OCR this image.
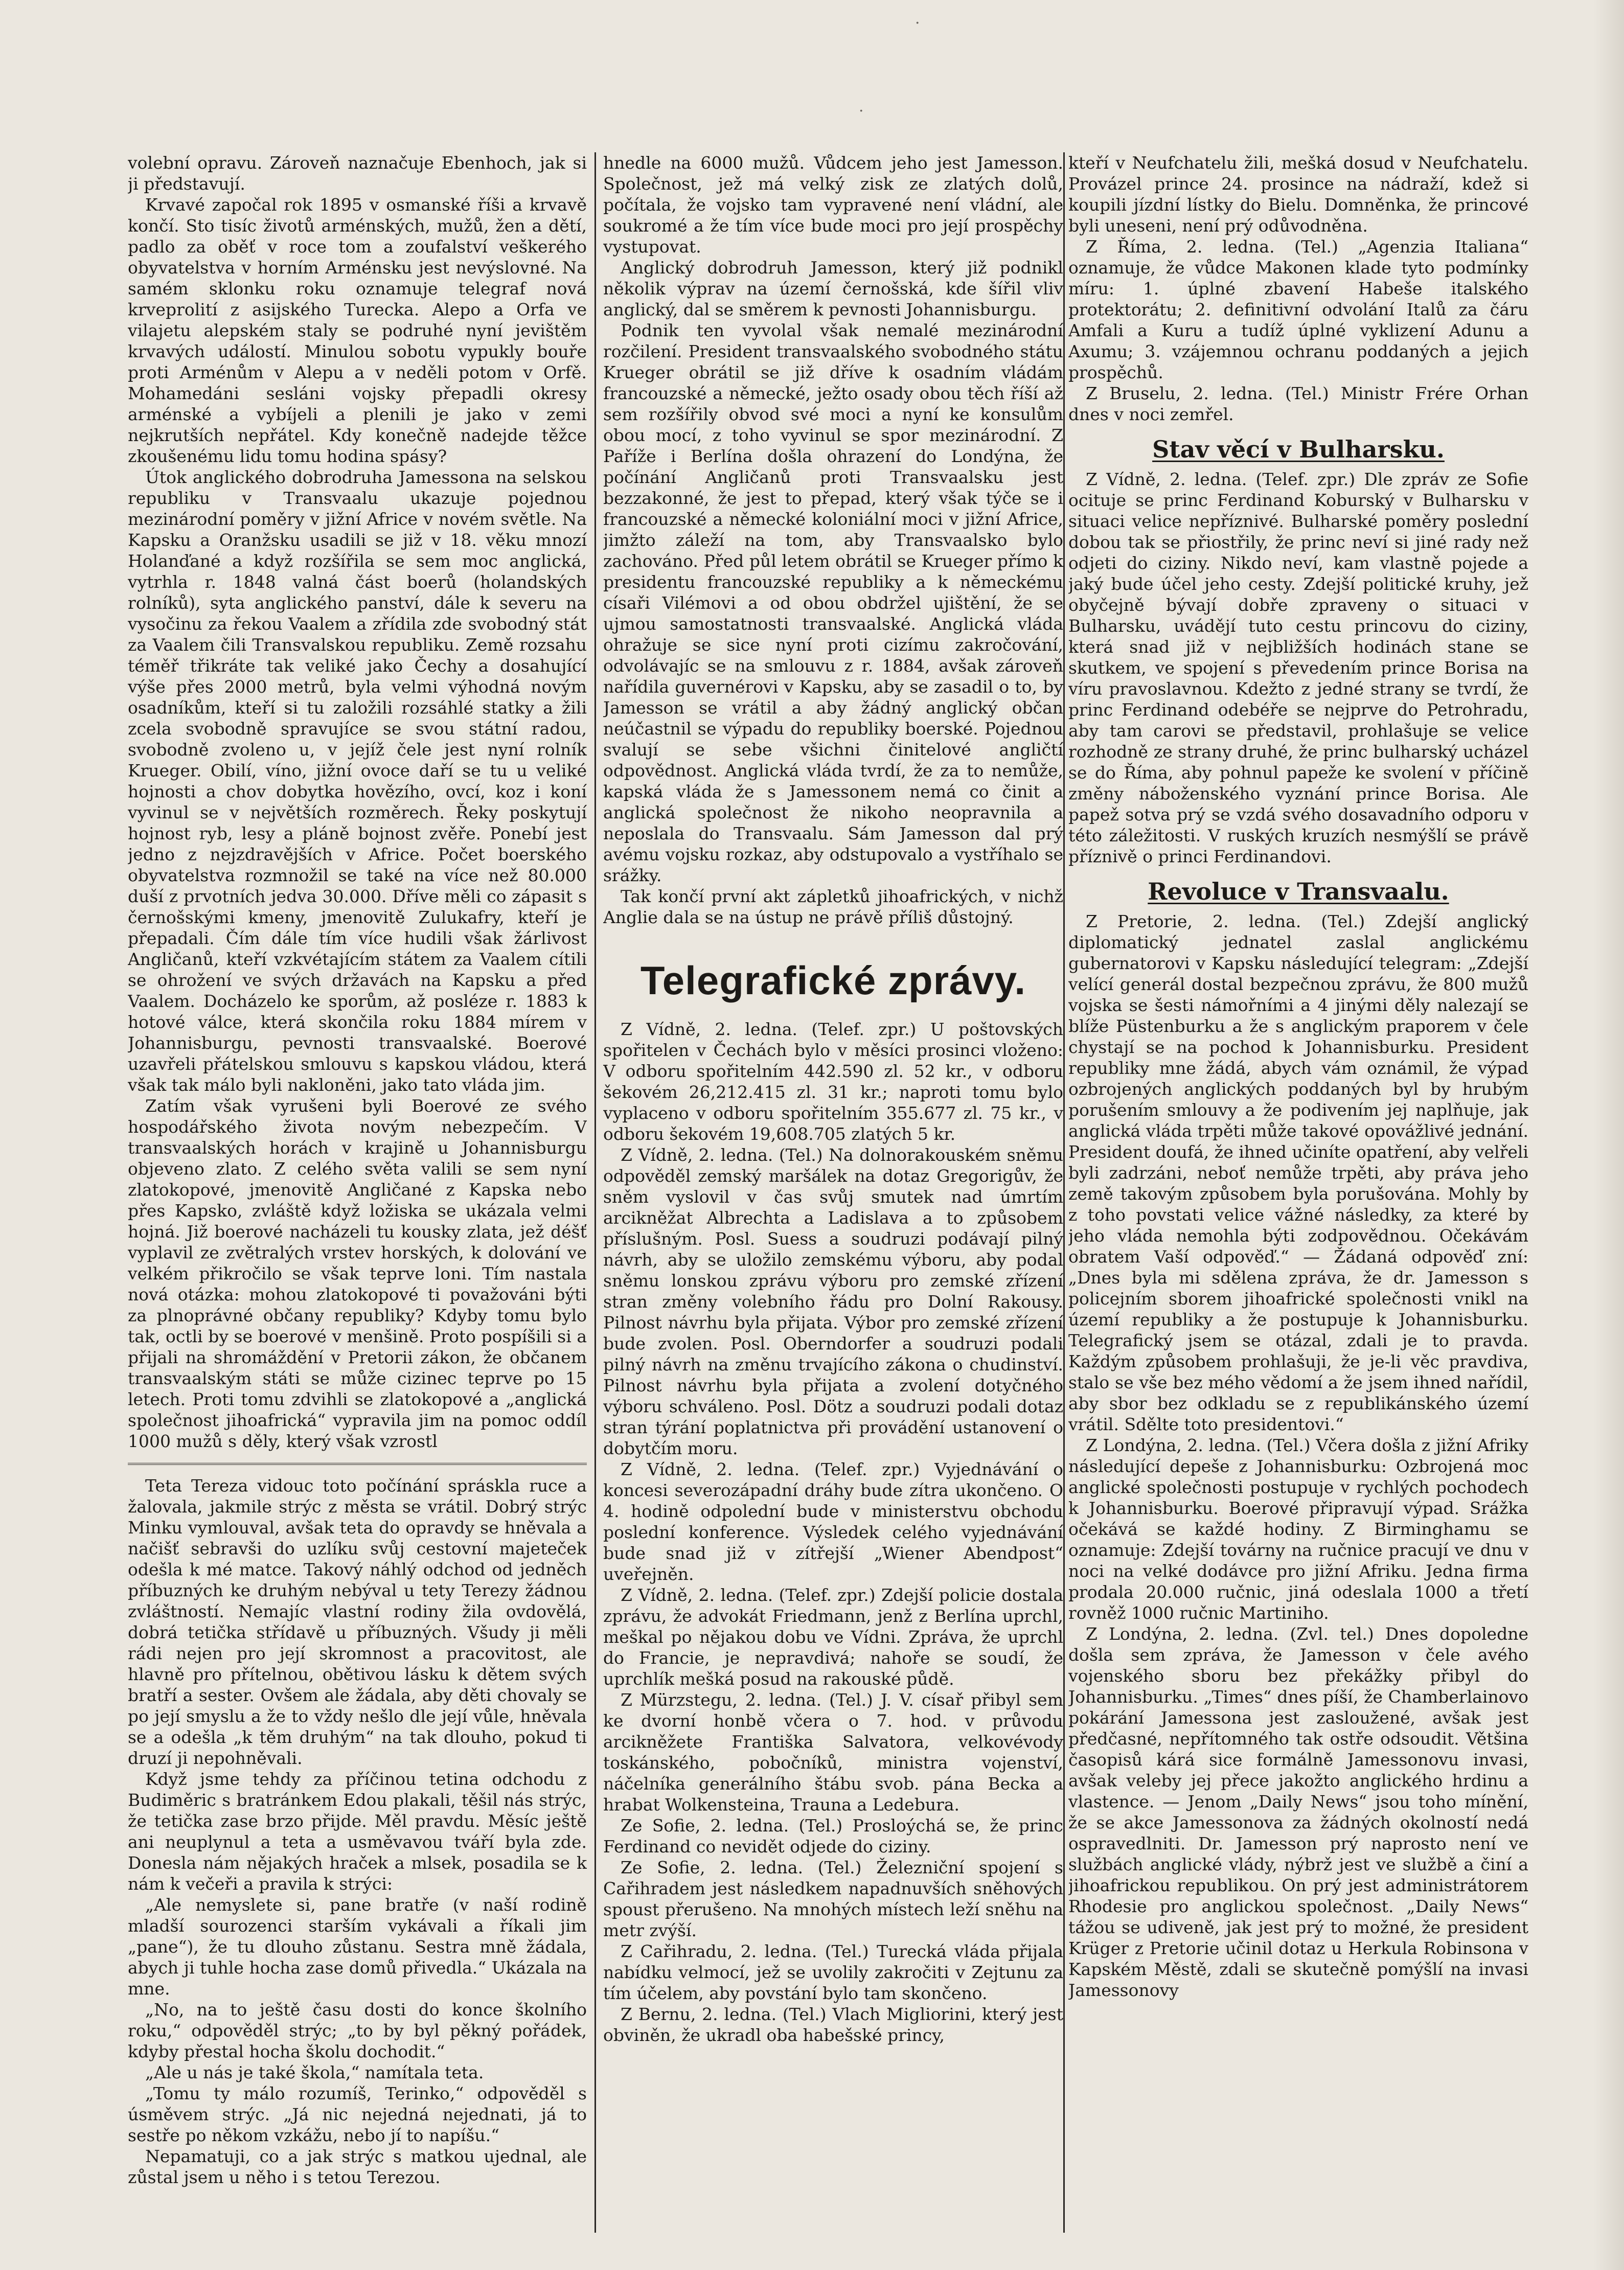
·
·

volební opravu. Zároveň naznačuje Ebenhoch, jak si ji představují.

Krvavé započal rok 1895 v osmanské říši a krvavě končí. Sto tisíc životů arménských, mužů, žen a dětí, padlo za oběť v roce tom a zoufalství veškerého obyvatelstva v horním Arménsku jest nevýslovné. Na samém sklonku roku oznamuje telegraf nová krveprolití z asijského Turecka. Alepo a Orfa ve vilajetu alepském staly se podruhé nyní jevištěm krvavých událostí. Minulou sobotu vypukly bouře proti Arménům v Alepu a v neděli potom v Orfě. Mohamedáni sesláni vojsky přepadli okresy arménské a vybíjeli a plenili je jako v zemi nejkrutších nepřátel. Kdy konečně nadejde těžce zkoušenému lidu tomu hodina spásy?

Útok anglického dobrodruha Jamessona na selskou republiku v Transvaalu ukazuje pojednou mezinárodní poměry v jižní Africe v novém světle. Na Kapsku a Oranžsku usadili se již v 18. věku mnozí Holanďané a když rozšířila se sem moc anglická, vytrhla r. 1848 valná část boerů (holandských rolníků), syta anglického panství, dále k severu na vysočinu za řekou Vaalem a zřídila zde svobodný stát za Vaalem čili Transvalskou republiku. Země rozsahu téměř třikráte tak veliké jako Čechy a dosahující výše přes 2000 metrů, byla velmi výhodná novým osadníkům, kteří si tu založili rozsáhlé statky a žili zcela svobodně spravujíce se svou státní radou, svobodně zvoleno u, v jejíž čele jest nyní rolník Krueger. Obilí, víno, jižní ovoce daří se tu u veliké hojnosti a chov dobytka hovězího, ovcí, koz i koní vyvinul se v největších rozměrech. Řeky poskytují hojnost ryb, lesy a pláně bojnost zvěře. Ponebí jest jedno z nejzdravějších v Africe. Počet boerského obyvatelstva rozmnožil se také na více než 80.000 duší z prvotních jedva 30.000. Dříve měli co zápasit s černošskými kmeny, jmenovitě Zulukafry, kteří je přepadali. Čím dále tím více hudili však žárlivost Angličanů, kteří vzkvétajícím státem za Vaalem cítili se ohrožení ve svých državách na Kapsku a před Vaalem. Docházelo ke sporům, až posléze r. 1883 k hotové válce, která skončila roku 1884 mírem v Johannisburgu, pevnosti transvaalské. Boerové uzavřeli přátelskou smlouvu s kapskou vládou, která však tak málo byli nakloněni, jako tato vláda jim.

Zatím však vyrušeni byli Boerové ze svého hospodářského života novým nebezpečím. V transvaalských horách v krajině u Johannisburgu objeveno zlato. Z celého světa valili se sem nyní zlatokopové, jmenovitě Angličané z Kapska nebo přes Kapsko, zvláště když ložiska se ukázala velmi hojná. Již boerové nacházeli tu kousky zlata, jež déšť vyplavil ze zvětralých vrstev horských, k dolování ve velkém přikročilo se však teprve loni. Tím nastala nová otázka: mohou zlatokopové ti považováni býti za plnoprávné občany republiky? Kdyby tomu bylo tak, octli by se boerové v menšině. Proto pospíšili si a přijali na shromáždění v Pretorii zákon, že občanem transvaalským státi se může cizinec teprve po 15 letech. Proti tomu zdvihli se zlatokopové a „anglická společnost jihoafrická“ vypravila jim na pomoc oddíl 1000 mužů s děly, který však vzrostl

Teta Tereza vidouc toto počínání spráskla ruce a žalovala, jakmile strýc z města se vrátil. Dobrý strýc Minku vymlouval, avšak teta do opravdy se hněvala a načišť sebravši do uzlíku svůj cestovní majeteček odešla k mé matce. Takový náhlý odchod od jedněch příbuzných ke druhým nebýval u tety Terezy žádnou zvláštností. Nemajíc vlastní rodiny žila ovdovělá, dobrá tetička střídavě u příbuzných. Všudy ji měli rádi nejen pro její skromnost a pracovitost, ale hlavně pro přítelnou, obětivou lásku k dětem svých bratří a sester. Ovšem ale žádala, aby děti chovaly se po její smyslu a že to vždy nešlo dle její vůle, hněvala se a odešla „k těm druhým“ na tak dlouho, pokud ti druzí ji nepohněvali.

Když jsme tehdy za příčinou tetina odchodu z Budiměric s bratránkem Edou plakali, těšil nás strýc, že tetička zase brzo přijde. Měl pravdu. Měsíc ještě ani neuplynul a teta a usměvavou tváří byla zde. Donesla nám nějakých hraček a mlsek, posadila se k nám k večeři a pravila k strýci:

„Ale nemyslete si, pane bratře (v naší rodině mladší sourozenci starším vykávali a říkali jim „pane“), že tu dlouho zůstanu. Sestra mně žádala, abych ji tuhle hocha zase domů přivedla.“ Ukázala na mne.

„No, na to ještě času dosti do konce školního roku,“ odpověděl strýc; „to by byl pěkný pořádek, kdyby přestal hocha školu dochodit.“

„Ale u nás je také škola,“ namítala teta.

„Tomu ty málo rozumíš, Terinko,“ odpověděl s úsměvem strýc. „Já nic nejedná nejednati, já to sestře po někom vzkážu, nebo jí to napíšu.“

Nepamatuji, co a jak strýc s matkou ujednal, ale zůstal jsem u něho i s tetou Terezou.

hnedle na 6000 mužů. Vůdcem jeho jest Jamesson. Společnost, jež má velký zisk ze zlatých dolů, počítala, že vojsko tam vypravené není vládní, ale soukromé a že tím více bude moci pro její prospěchy vystupovat.

Anglický dobrodruh Jamesson, který již podnikl několik výprav na území černošská, kde šířil vliv anglický, dal se směrem k pevnosti Johannisburgu.

Podnik ten vyvolal však nemalé mezinárodní rozčilení. President transvaalského svobodného státu Krueger obrátil se již dříve k osadním vládám francouzské a německé, ježto osady obou těch říší až sem rozšířily obvod své moci a nyní ke konsulům obou mocí, z toho vyvinul se spor mezinárodní. Z Paříže i Berlína došla ohrazení do Londýna, že počínání Angličanů proti Transvaalsku jest bezzakonné, že jest to přepad, který však týče se i francouzské a německé koloniální moci v jižní Africe, jimžto záleží na tom, aby Transvaalsko bylo zachováno. Před půl letem obrátil se Krueger přímo k presidentu francouzské republiky a k německému císaři Vilémovi a od obou obdržel ujištění, že se ujmou samostatnosti transvaalské. Anglická vláda ohražuje se sice nyní proti cizímu zakročování, odvolávajíc se na smlouvu z r. 1884, avšak zároveň nařídila guvernérovi v Kapsku, aby se zasadil o to, by Jamesson se vrátil a aby žádný anglický občan neúčastnil se výpadu do republiky boerské. Pojednou svalují se sebe všichni činitelové angličtí odpovědnost. Anglická vláda tvrdí, že za to nemůže, kapská vláda že s Jamessonem nemá co činit a anglická společnost že nikoho neopravnila a neposlala do Transvaalu. Sám Jamesson dal prý avému vojsku rozkaz, aby odstupovalo a vystříhalo se srážky.

Tak končí první akt zápletků jihoafrických, v nichž Anglie dala se na ústup ne právě příliš důstojný.

Telegrafické zprávy.

Z Vídně, 2. ledna. (Telef. zpr.) U poštovských spořitelen v Čechách bylo v měsíci prosinci vloženo: V odboru spořitelním 442.590 zl. 52 kr., v odboru šekovém 26,212.415 zl. 31 kr.; naproti tomu bylo vyplaceno v odboru spořitelním 355.677 zl. 75 kr., v odboru šekovém 19,608.705 zlatých 5 kr.

Z Vídně, 2. ledna. (Tel.) Na dolnorakouském sněmu odpověděl zemský maršálek na dotaz Gregorigův, že sněm vyslovil v čas svůj smutek nad úmrtím arcikněžat Albrechta a Ladislava a to způsobem příslušným. Posl. Suess a soudruzi podávají pilný návrh, aby se uložilo zemskému výboru, aby podal sněmu lonskou zprávu výboru pro zemské zřízení stran změny volebního řádu pro Dolní Rakousy. Pilnost návrhu byla přijata. Výbor pro zemské zřízení bude zvolen. Posl. Oberndorfer a soudruzi podali pilný návrh na změnu trvajícího zákona o chudinství. Pilnost návrhu byla přijata a zvolení dotyčného výboru schváleno. Posl. Dötz a soudruzi podali dotaz stran týrání poplatnictva při provádění ustanovení o dobytčím moru.

Z Vídně, 2. ledna. (Telef. zpr.) Vyjednávání o koncesi severozápadní dráhy bude zítra ukončeno. O 4. hodině odpolední bude v ministerstvu obchodu poslední konference. Výsledek celého vyjednávání bude snad již v zítřejší „Wiener Abendpost“ uveřejněn.

Z Vídně, 2. ledna. (Telef. zpr.) Zdejší policie dostala zprávu, že advokát Friedmann, jenž z Berlína uprchl, meškal po nějakou dobu ve Vídni. Zpráva, že uprchl do Francie, je nepravdivá; nahoře se soudí, že uprchlík mešká posud na rakouské půdě.

Z Mürzstegu, 2. ledna. (Tel.) J. V. císař přibyl sem ke dvorní honbě včera o 7. hod. v průvodu arcikněžete Františka Salvatora, velkovévody toskánského, pobočníků, ministra vojenství, náčelníka generálního štábu svob. pána Becka a hrabat Wolkensteina, Trauna a Ledebura.

Ze Sofie, 2. ledna. (Tel.) Prosloýchá se, že princ Ferdinand co nevidět odjede do ciziny.

Ze Sofie, 2. ledna. (Tel.) Železniční spojení s Cařihradem jest následkem napadnuvších sněhových spoust přerušeno. Na mnohých místech leží sněhu na metr zvýší.

Z Cařihradu, 2. ledna. (Tel.) Turecká vláda přijala nabídku velmocí, jež se uvolily zakročiti v Zejtunu za tím účelem, aby povstání bylo tam skončeno.

Z Bernu, 2. ledna. (Tel.) Vlach Migliorini, který jest obviněn, že ukradl oba habešské princy,

kteří v Neufchatelu žili, mešká dosud v Neufchatelu. Provázel prince 24. prosince na nádraží, kdež si koupili jízdní lístky do Bielu. Domněnka, že princové byli uneseni, není prý odůvodněna.

Z Říma, 2. ledna. (Tel.) „Agenzia Italiana“ oznamuje, že vůdce Makonen klade tyto podmínky míru: 1. úplné zbavení Habeše italského protektorátu; 2. definitivní odvolání Italů za čáru Amfali a Kuru a tudíž úplné vyklizení Adunu a Axumu; 3. vzájemnou ochranu poddaných a jejich prospěchů.

Z Bruselu, 2. ledna. (Tel.) Ministr Frére Orhan dnes v noci zemřel.

Stav věcí v Bulharsku.

Z Vídně, 2. ledna. (Telef. zpr.) Dle zpráv ze Sofie ocituje se princ Ferdinand Koburský v Bulharsku v situaci velice nepříznivé. Bulharské poměry poslední dobou tak se přiostřily, že princ neví si jiné rady než odjeti do ciziny. Nikdo neví, kam vlastně pojede a jaký bude účel jeho cesty. Zdejší politické kruhy, jež obyčejně bývají dobře zpraveny o situaci v Bulharsku, uvádějí tuto cestu princovu do ciziny, která snad již v nejbližších hodinách stane se skutkem, ve spojení s převedením prince Borisa na víru pravoslavnou. Kdežto z jedné strany se tvrdí, že princ Ferdinand odebéře se nejprve do Petrohradu, aby tam carovi se představil, prohlašuje se velice rozhodně ze strany druhé, že princ bulharský ucházel se do Říma, aby pohnul papeže ke svolení v příčině změny náboženského vyznání prince Borisa. Ale papež sotva prý se vzdá svého dosavadního odporu v této záležitosti. V ruských kruzích nesmýšlí se právě příznivě o princi Ferdinandovi.

Revoluce v Transvaalu.

Z Pretorie, 2. ledna. (Tel.) Zdejší anglický diplomatický jednatel zaslal anglickému gubernatorovi v Kapsku následující telegram: „Zdejší velící generál dostal bezpečnou zprávu, že 800 mužů vojska se šesti námořními a 4 jinými děly nalezají se blíže Püstenburku a že s anglickým praporem v čele chystají se na pochod k Johannisburku. President republiky mne žádá, abych vám oznámil, že výpad ozbrojených anglických poddaných byl by hrubým porušením smlouvy a že podivením jej naplňuje, jak anglická vláda trpěti může takové opovážlivé jednání. President doufá, že ihned učiníte opatření, aby velřeli byli zadrzáni, neboť nemůže trpěti, aby práva jeho země takovým způsobem byla porušována. Mohly by z toho povstati velice vážné následky, za které by jeho vláda nemohla býti zodpovědnou. Očekávám obratem Vaší odpověď.“ — Žádaná odpověď zní: „Dnes byla mi sdělena zpráva, že dr. Jamesson s policejním sborem jihoafrické společnosti vnikl na území republiky a že postupuje k Johannisburku. Telegrafický jsem se otázal, zdali je to pravda. Každým způsobem prohlašuji, že je-li věc pravdiva, stalo se vše bez mého vědomí a že jsem ihned nařídil, aby sbor bez odkladu se z republikánského území vrátil. Sdělte toto presidentovi.“

Z Londýna, 2. ledna. (Tel.) Včera došla z jižní Afriky následující depeše z Johannisburku: Ozbrojená moc anglické společnosti postupuje v rychlých pochodech k Johannisburku. Boerové připravují výpad. Srážka očekává se každé hodiny. Z Birminghamu se oznamuje: Zdejší továrny na ručnice pracují ve dnu v noci na velké dodávce pro jižní Afriku. Jedna firma prodala 20.000 ručnic, jiná odeslala 1000 a třetí rovněž 1000 ručnic Martiniho.

Z Londýna, 2. ledna. (Zvl. tel.) Dnes dopoledne došla sem zpráva, že Jamesson v čele avého vojenského sboru bez překážky přibyl do Johannisburku. „Times“ dnes píší, že Chamberlainovo pokárání Jamessona jest zasloužené, avšak jest předčasné, nepřítomného tak ostře odsoudit. Většina časopisů kárá sice formálně Jamessonovu invasi, avšak veleby jej přece jakožto anglického hrdinu a vlastence. — Jenom „Daily News“ jsou toho mínění, že se akce Jamessonova za žádných okolností nedá ospravedlniti. Dr. Jamesson prý naprosto není ve službách anglické vlády, nýbrž jest ve službě a činí a jihoafrickou republikou. On prý jest administrátorem Rhodesie pro anglickou společnost. „Daily News“ tážou se udiveně, jak jest prý to možné, že president Krüger z Pretorie učinil dotaz u Herkula Robinsona v Kapském Městě, zdali se skutečně pomýšlí na invasi Jamessonovy
